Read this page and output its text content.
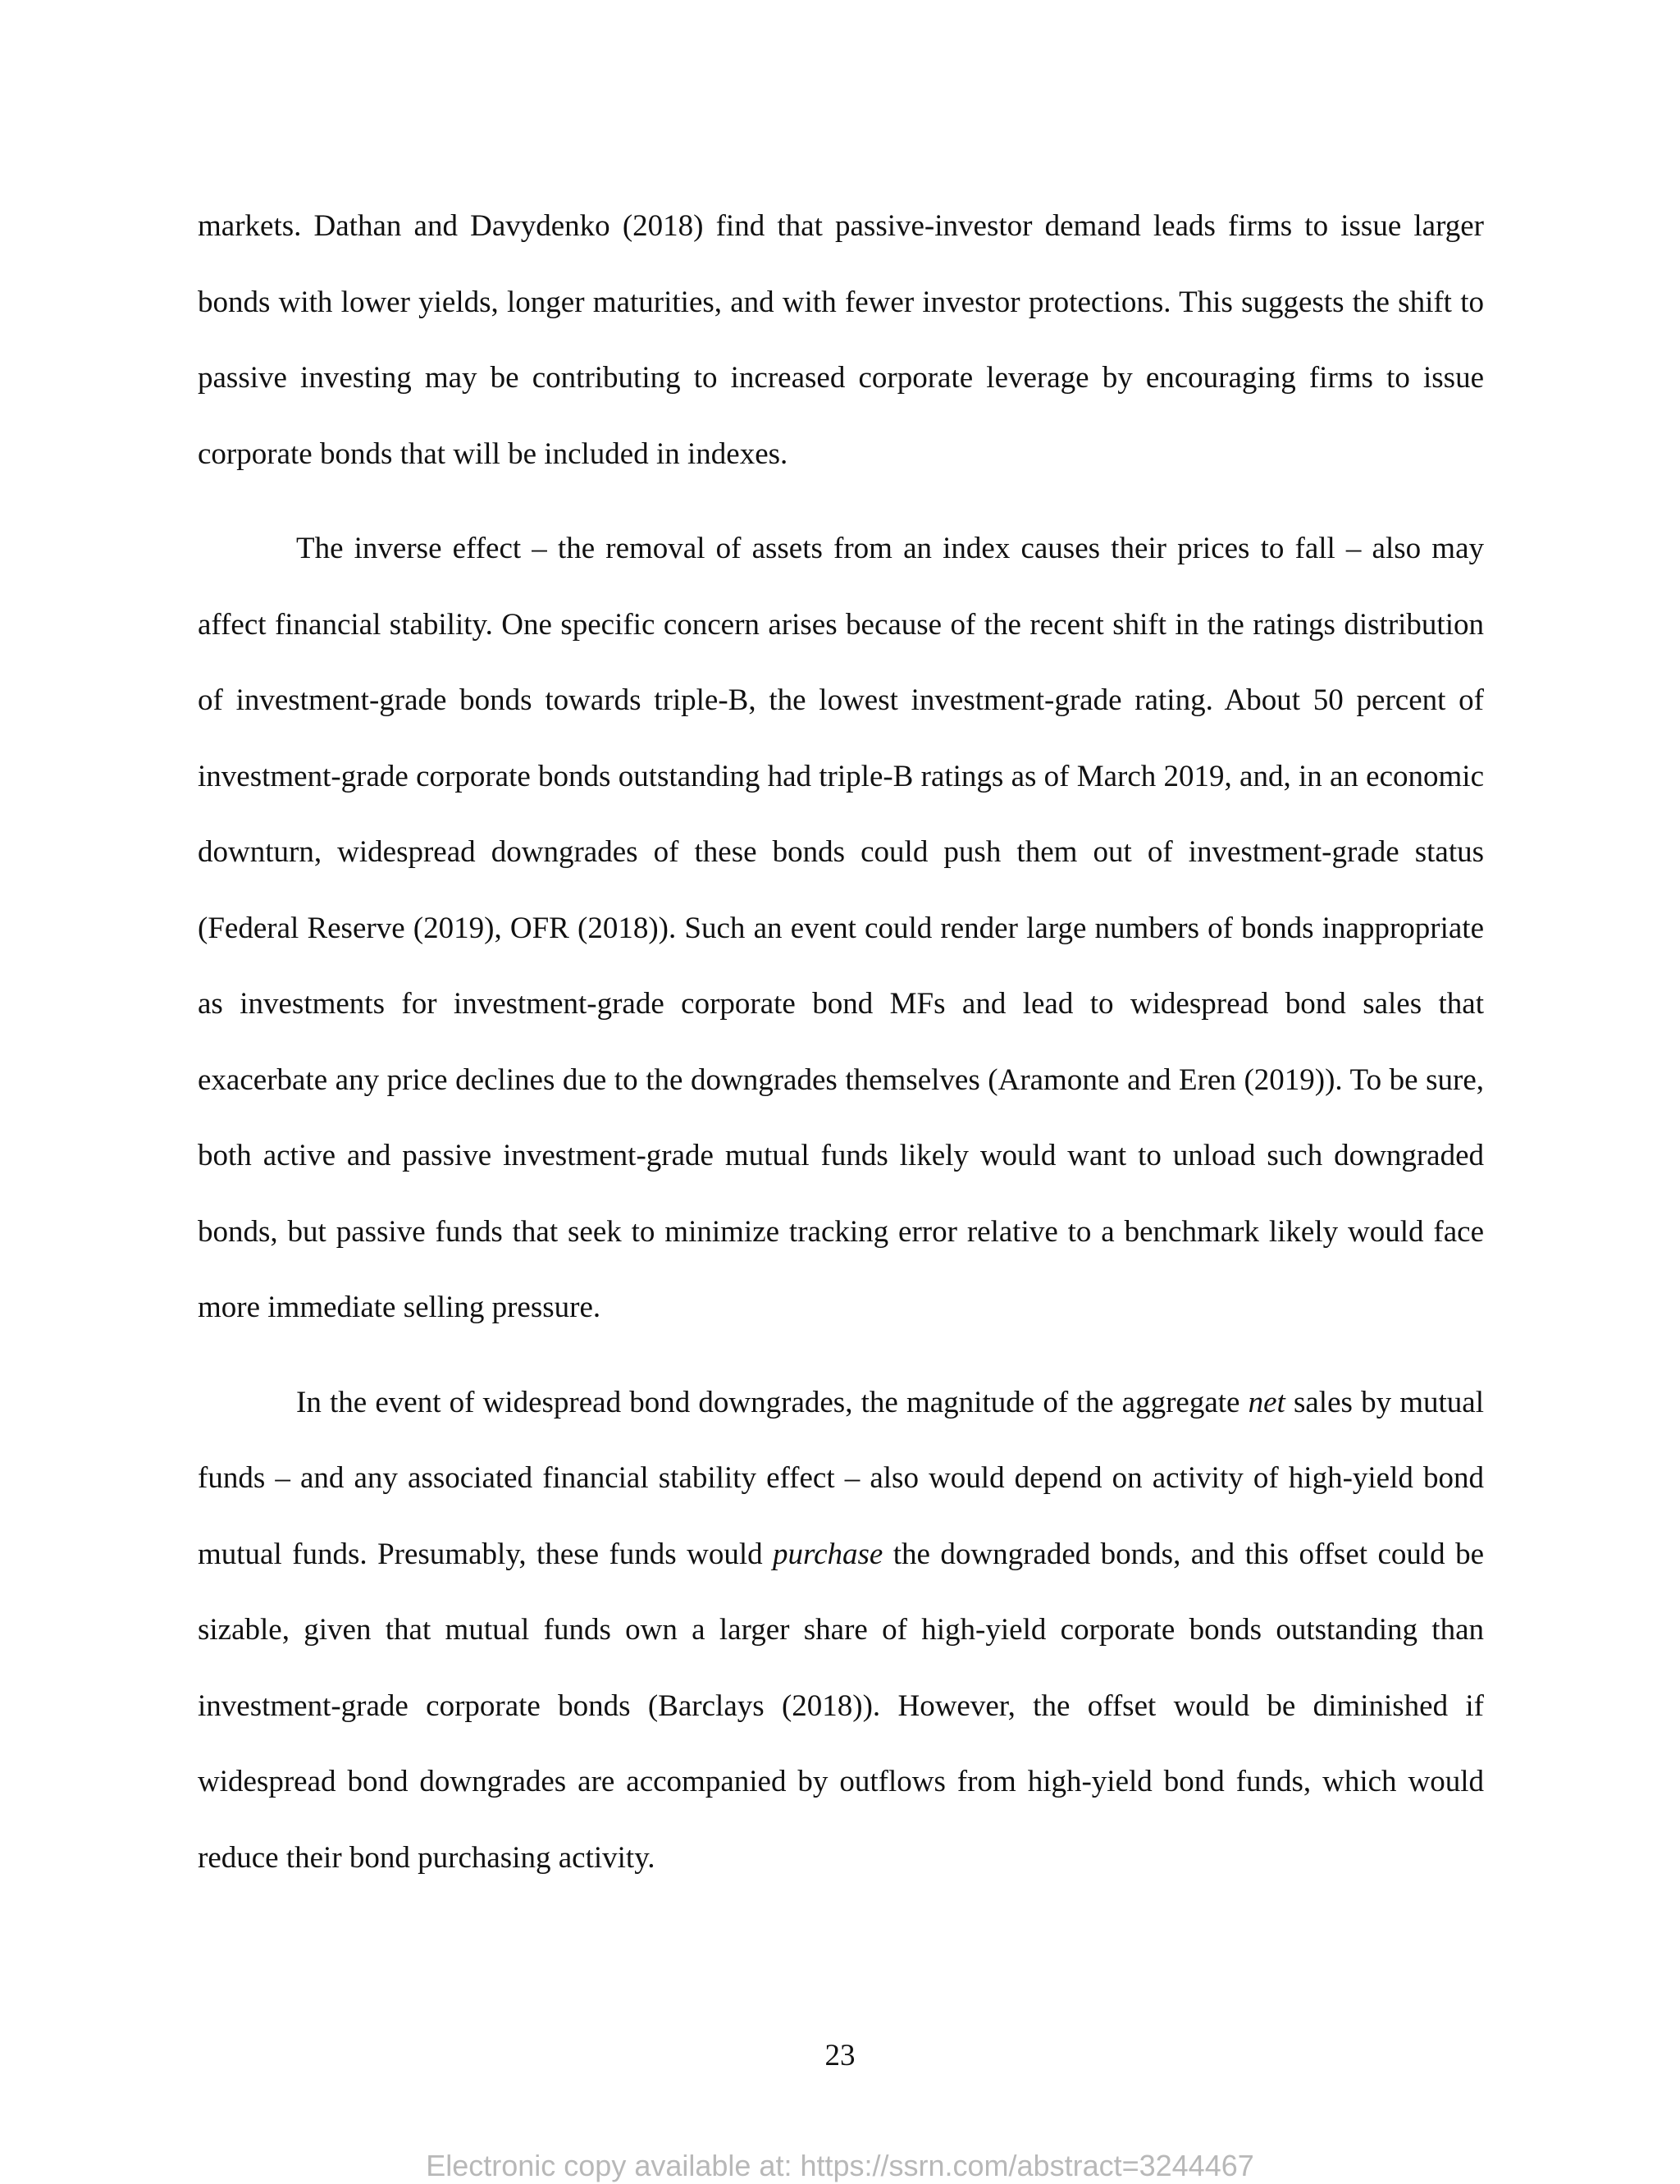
markets. Dathan and Davydenko (2018) find that passive-investor demand leads firms to issue larger bonds with lower yields, longer maturities, and with fewer investor protections. This suggests the shift to passive investing may be contributing to increased corporate leverage by encouraging firms to issue corporate bonds that will be included in indexes.

The inverse effect – the removal of assets from an index causes their prices to fall – also may affect financial stability. One specific concern arises because of the recent shift in the ratings distribution of investment-grade bonds towards triple-B, the lowest investment-grade rating. About 50 percent of investment-grade corporate bonds outstanding had triple-B ratings as of March 2019, and, in an economic downturn, widespread downgrades of these bonds could push them out of investment-grade status (Federal Reserve (2019), OFR (2018)). Such an event could render large numbers of bonds inappropriate as investments for investment-grade corporate bond MFs and lead to widespread bond sales that exacerbate any price declines due to the downgrades themselves (Aramonte and Eren (2019)). To be sure, both active and passive investment-grade mutual funds likely would want to unload such downgraded bonds, but passive funds that seek to minimize tracking error relative to a benchmark likely would face more immediate selling pressure.

In the event of widespread bond downgrades, the magnitude of the aggregate net sales by mutual funds – and any associated financial stability effect – also would depend on activity of high-yield bond mutual funds. Presumably, these funds would purchase the downgraded bonds, and this offset could be sizable, given that mutual funds own a larger share of high-yield corporate bonds outstanding than investment-grade corporate bonds (Barclays (2018)). However, the offset would be diminished if widespread bond downgrades are accompanied by outflows from high-yield bond funds, which would reduce their bond purchasing activity.

23
Electronic copy available at: https://ssrn.com/abstract=3244467
